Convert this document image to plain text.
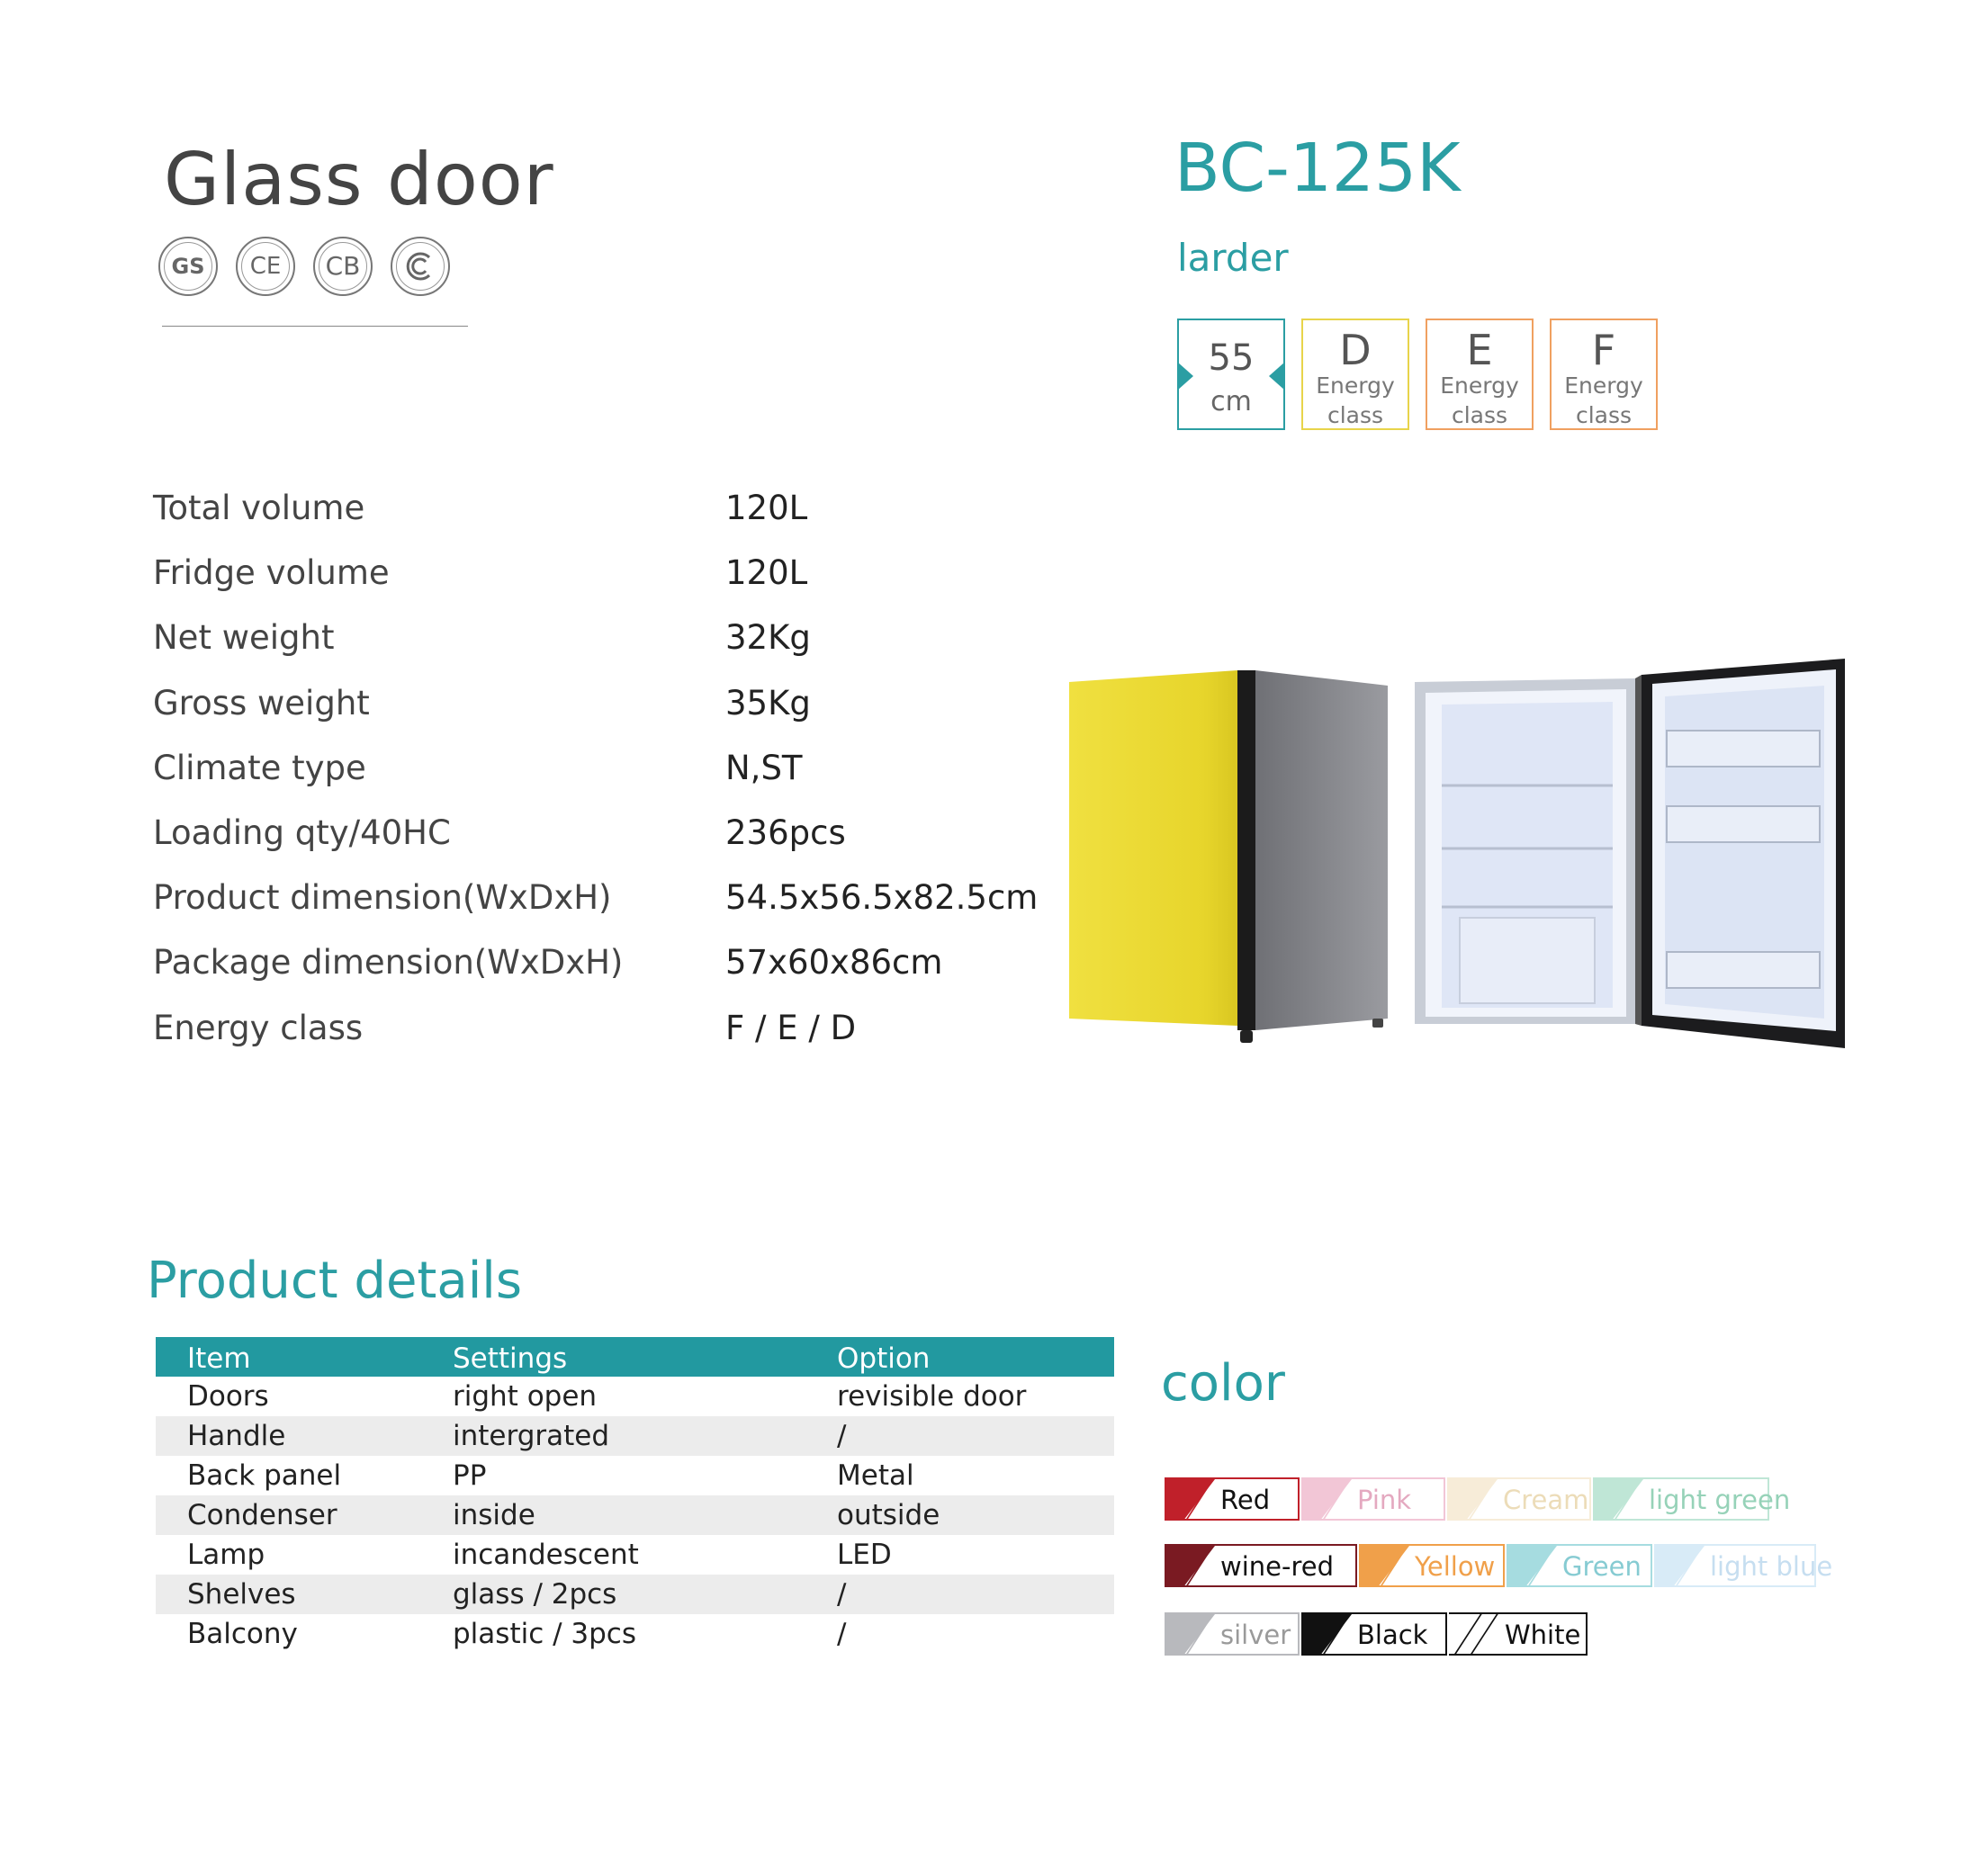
Glass door
GS CE CB
BC-125K
larder
55
cm
D
Energy
class
E
Energy
class
F
Energy
class
Total volume	120L
Fridge volume	120L
Net weight	32Kg
Gross weight	35Kg
Climate type	N,ST
Loading qty/40HC	236pcs
Product dimension(WxDxH)	54.5x56.5x82.5cm
Package dimension(WxDxH)	57x60x86cm
Energy class	F / E / D
Product details
Item	Settings	Option
Doors	right open	revisible door
Handle	intergrated	/
Back panel	PP	Metal
Condenser	inside	outside
Lamp	incandescent	LED
Shelves	glass / 2pcs	/
Balcony	plastic / 3pcs	/
color
Red	Pink	Cream light green
wine-red	Yellow	Green	light blue
silver	Black	White
